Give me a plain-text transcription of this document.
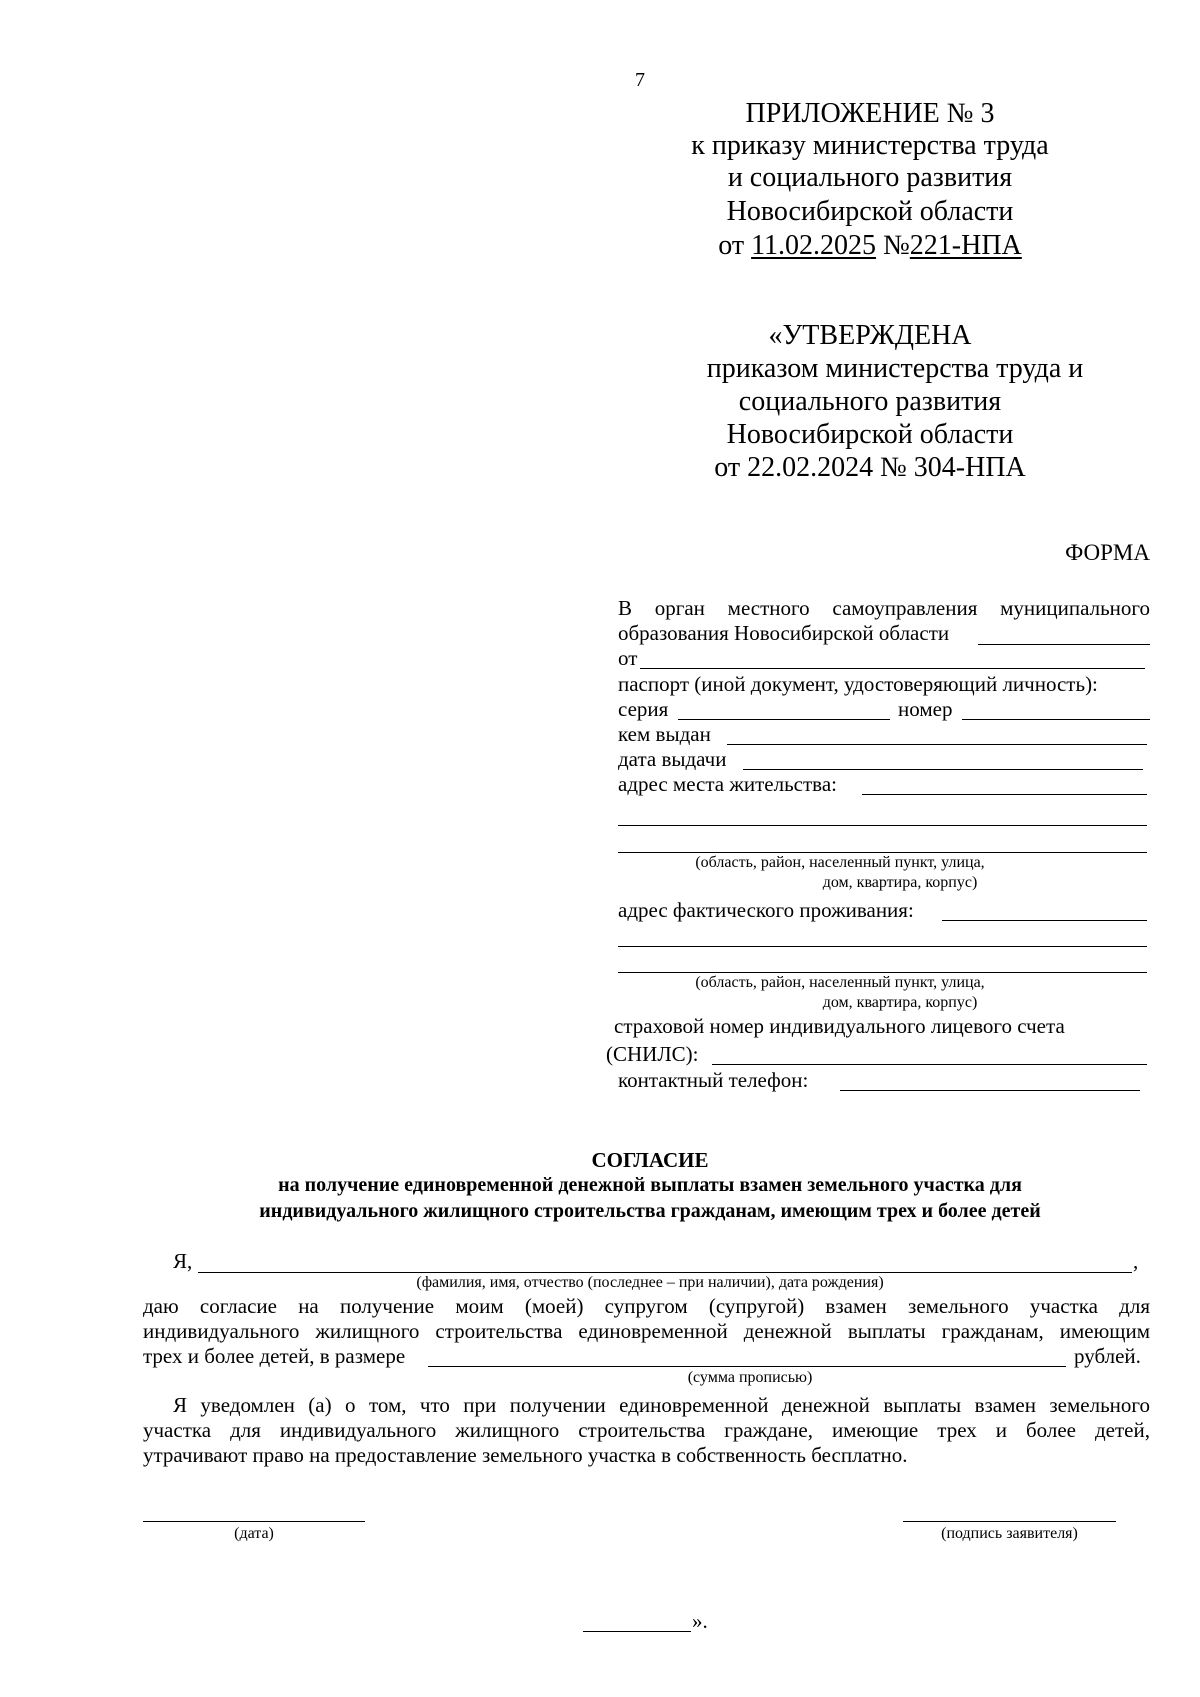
7
ПРИЛОЖЕНИЕ № 3
к приказу министерства труда
и социального развития
Новосибирской области
от 11.02.2025 №221-НПА
«УТВЕРЖДЕНА
приказом министерства труда и
социального развития
Новосибирской области
от 22.02.2024 № 304-НПА
ФОРМА
В орган местного самоуправления муниципального
образования Новосибирской области
от
паспорт (иной документ, удостоверяющий личность):
серия	номер
кем выдан
дата выдачи
адрес места жительства:
(область, район, населенный пункт, улица,
дом, квартира, корпус)
адрес фактического проживания:
(область, район, населенный пункт, улица,
дом, квартира, корпус)
страховой номер индивидуального лицевого счета
(СНИЛС):
контактный телефон:
СОГЛАСИЕ
на получение единовременной денежной выплаты взамен земельного участка для
индивидуального жилищного строительства гражданам, имеющим трех и более детей
Я,	,
(фамилия, имя, отчество (последнее – при наличии), дата рождения)
даю согласие на получение моим (моей) супругом (супругой) взамен земельного участка для
индивидуального жилищного строительства единовременной денежной выплаты гражданам, имеющим
трех и более детей, в размере	рублей.
(сумма прописью)
Я уведомлен (а) о том, что при получении единовременной денежной выплаты взамен земельного
участка для индивидуального жилищного строительства граждане, имеющие трех и более детей,
утрачивают право на предоставление земельного участка в собственность бесплатно.
(дата)	(подпись заявителя)
».
